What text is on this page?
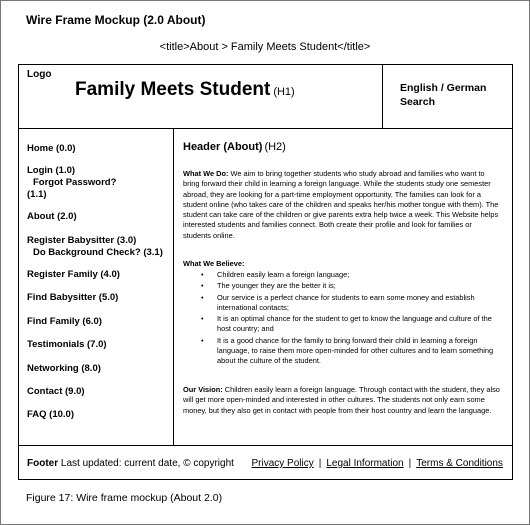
Wire Frame Mockup (2.0 About)
<title>About > Family Meets Student</title>
Logo
Family Meets Student (H1)	English / German
Search
Home (0.0)
Login (1.0)
Forgot Password?
(1.1)
About (2.0)
Register Babysitter (3.0)
Do Background Check? (3.1)
Register Family (4.0)
Find Babysitter (5.0)
Find Family (6.0)
Testimonials (7.0)
Networking (8.0)
Contact (9.0)
FAQ (10.0)
Header (About) (H2)
What We Do: We aim to bring together students who study abroad and families who want to bring forward their child in learning a foreign language. While the students study one semester abroad, they are looking for a part-time employment opportunity. The families can look for a student online (who takes care of the children and speaks her/his mother tongue with them). The student can take care of the children or give parents extra help twice a week. This Website helps interested students and families connect. Both create their profile and look for families or students online.
What We Believe:
• Children easily learn a foreign language;
• The younger they are the better it is;
• Our service is a perfect chance for students to earn some money and establish international contacts;
• It is an optimal chance for the student to get to know the language and culture of the host country; and
• It is a good chance for the family to bring forward their child in learning a foreign language, to raise them more open-minded for other cultures and to learn something about the culture of the student.
Our Vision: Children easily learn a foreign language. Through contact with the student, they also will get more open-minded and interested in other cultures. The students not only earn some money, but they also get in contact with people from their host country and learn the language.
Footer Last updated: current date, © copyright Privacy Policy | Legal Information | Terms & Conditions
Figure 17: Wire frame mockup (About 2.0)
